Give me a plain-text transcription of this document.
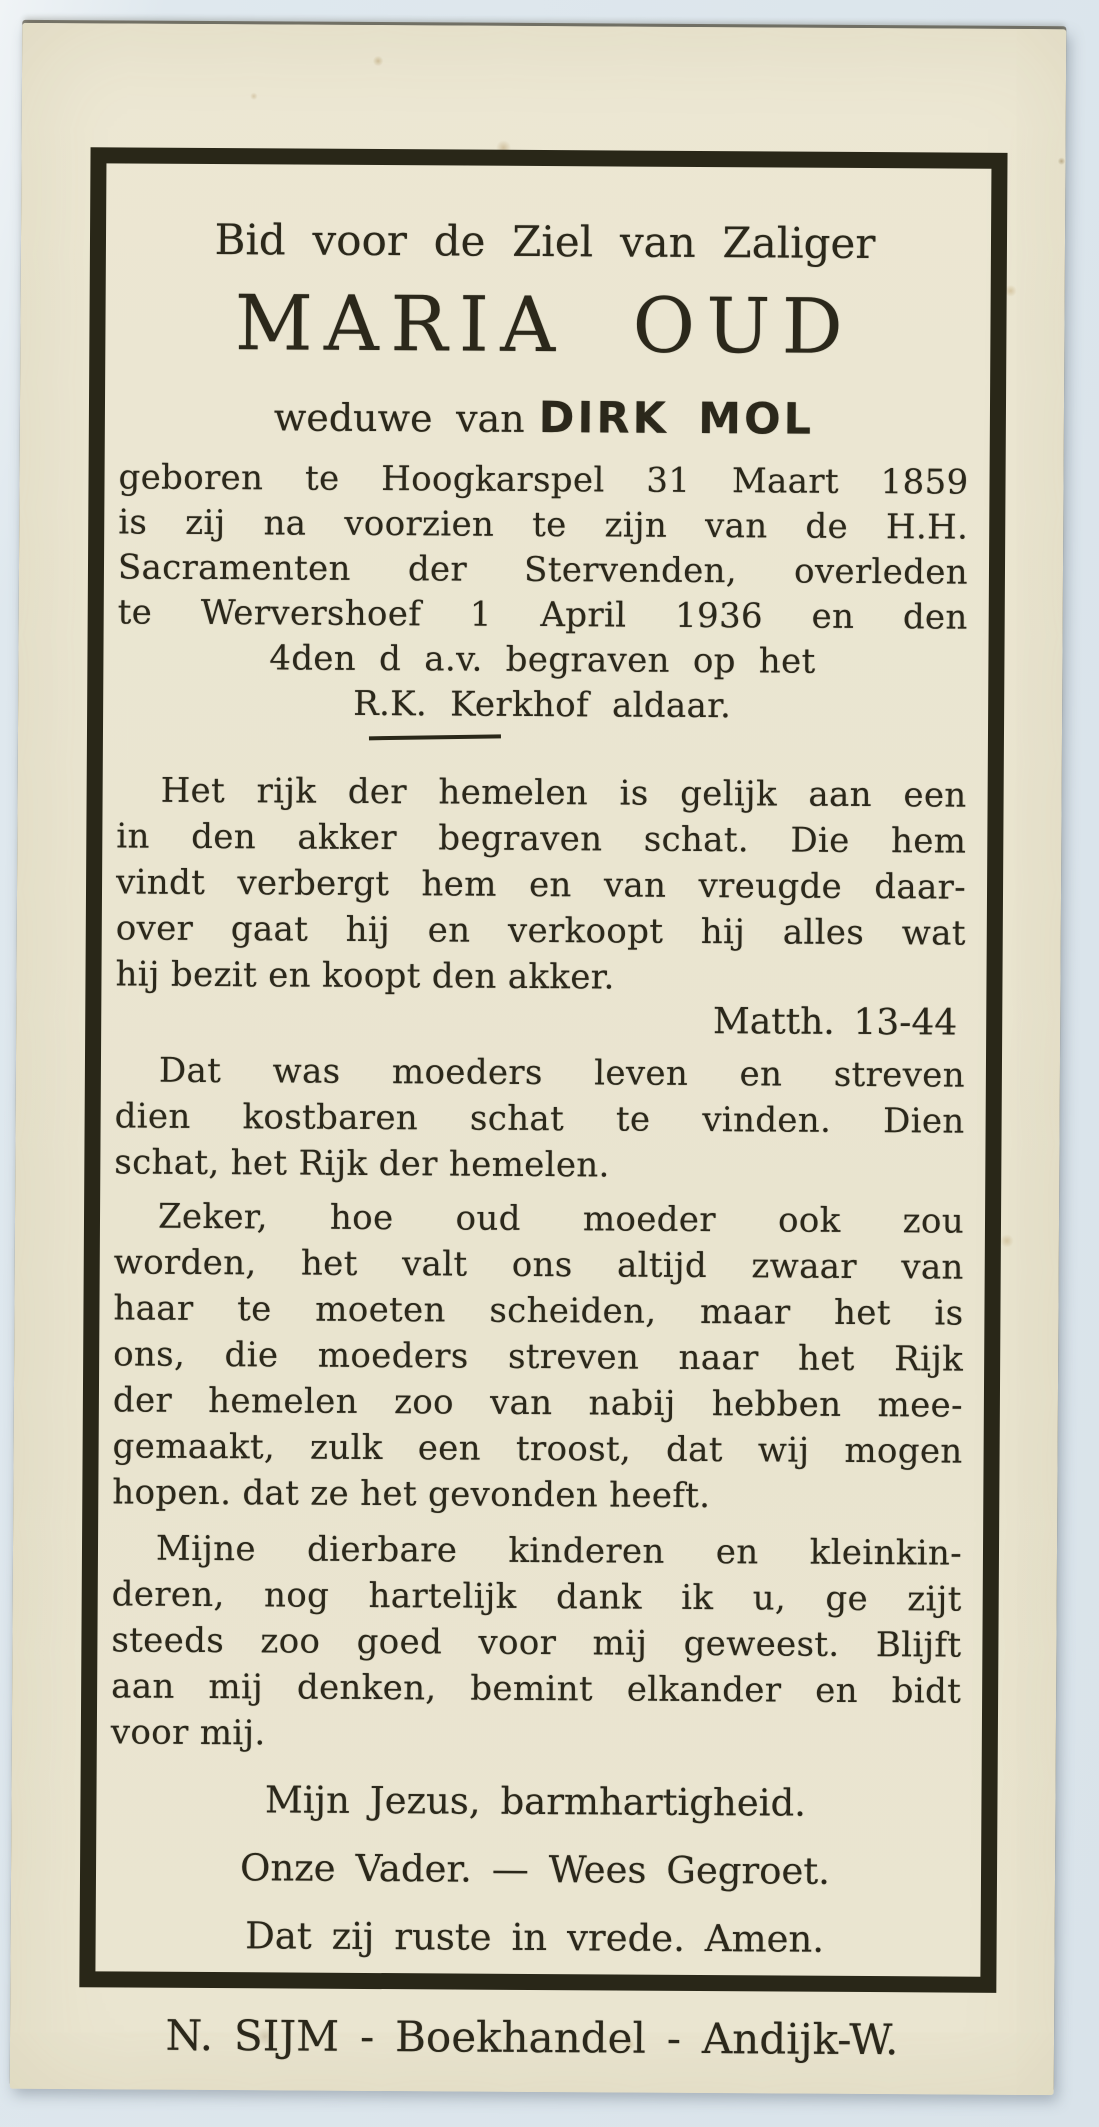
Bid voor de Ziel van Zaliger
MARIA OUD
weduwe van DIRK MOL
geboren te Hoogkarspel 31 Maart 1859
is zij na voorzien te zijn van de H.H.
Sacramenten der Stervenden, overleden
te Wervershoef 1 April 1936 en den
4den d a.v. begraven op het
R.K. Kerkhof aldaar.
Het rijk der hemelen is gelijk aan een
in den akker begraven schat. Die hem
vindt verbergt hem en van vreugde daar-
over gaat hij en verkoopt hij alles wat
hij bezit en koopt den akker.
Matth. 13-44
Dat was moeders leven en streven
dien kostbaren schat te vinden. Dien
schat, het Rijk der hemelen.
Zeker, hoe oud moeder ook zou
worden, het valt ons altijd zwaar van
haar te moeten scheiden, maar het is
ons, die moeders streven naar het Rijk
der hemelen zoo van nabij hebben mee-
gemaakt, zulk een troost, dat wij mogen
hopen. dat ze het gevonden heeft.
Mijne dierbare kinderen en kleinkin-
deren, nog hartelijk dank ik u, ge zijt
steeds zoo goed voor mij geweest. Blijft
aan mij denken, bemint elkander en bidt
voor mij.
Mijn Jezus, barmhartigheid.
Onze Vader. — Wees Gegroet.
Dat zij ruste in vrede. Amen.
N. SIJM - Boekhandel - Andijk-W.
